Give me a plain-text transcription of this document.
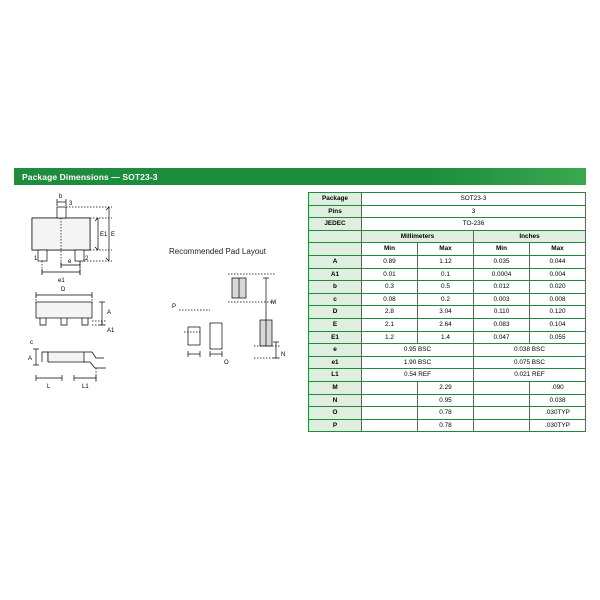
Package Dimensions — SOT23-3
Recommended Pad Layout
b
E1 E
e
e1
1	2
3
D
A
A1
c
L	L1
A
P
M
N
O
Package	SOT23-3			
Pins	3			
JEDEC	TO-236			
	Millimeters		Inches	
	Min	Max	Min	Max
A	0.89	1.12	0.035	0.044
A1	0.01	0.1	0.0004	0.004
b	0.3	0.5	0.012	0.020
c	0.08	0.2	0.003	0.008
D	2.8	3.04	0.110	0.120
E	2.1	2.64	0.083	0.104
E1	1.2	1.4	0.047	0.055
e	0.95 BSC		0.038 BSC	
e1	1.90 BSC		0.075 BSC	
L1	0.54 REF		0.021 REF	
M		2.29		.090
N		0.95		0.038
O		0.78		.030TYP
P		0.78		.030TYP
